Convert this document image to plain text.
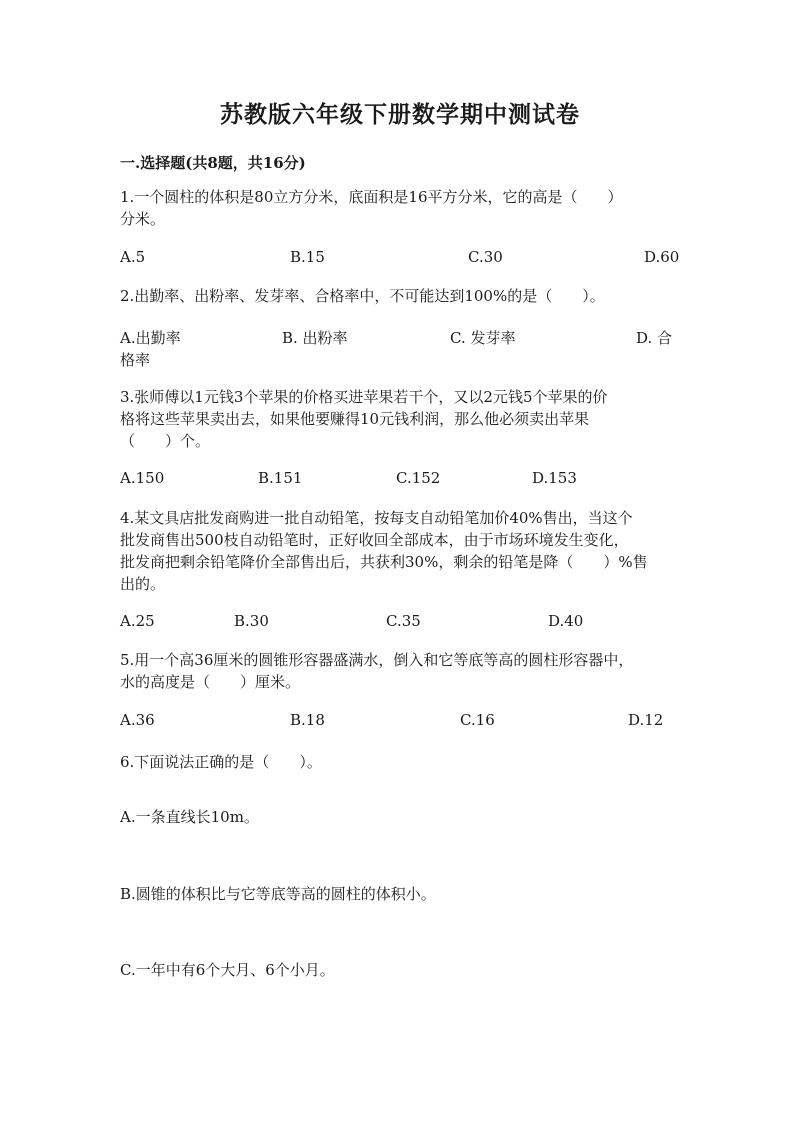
苏教版六年级下册数学期中测试卷
一.选择题(共8题，共16分)
1.一个圆柱的体积是80立方分米，底面积是16平方分米，它的高是（　　）
分米。
A.5	B.15	C.30	D.60
2.出勤率、出粉率、发芽率、合格率中，不可能达到100%的是（　　）。
A.出勤率	B. 出粉率	C. 发芽率	D. 合
格率
3.张师傅以1元钱3个苹果的价格买进苹果若干个，又以2元钱5个苹果的价
格将这些苹果卖出去，如果他要赚得10元钱利润，那么他必须卖出苹果
（　　）个。
A.150	B.151	C.152	D.153
4.某文具店批发商购进一批自动铅笔，按每支自动铅笔加价40%售出，当这个
批发商售出500枝自动铅笔时，正好收回全部成本，由于市场环境发生变化，
批发商把剩余铅笔降价全部售出后，共获利30%，剩余的铅笔是降（　　）%售
出的。
A.25	B.30	C.35	D.40
5.用一个高36厘米的圆锥形容器盛满水，倒入和它等底等高的圆柱形容器中，
水的高度是（　　）厘米。
A.36	B.18	C.16	D.12
6.下面说法正确的是（　　）。
A.一条直线长10m。
B.圆锥的体积比与它等底等高的圆柱的体积小。
C.一年中有6个大月、6个小月。
